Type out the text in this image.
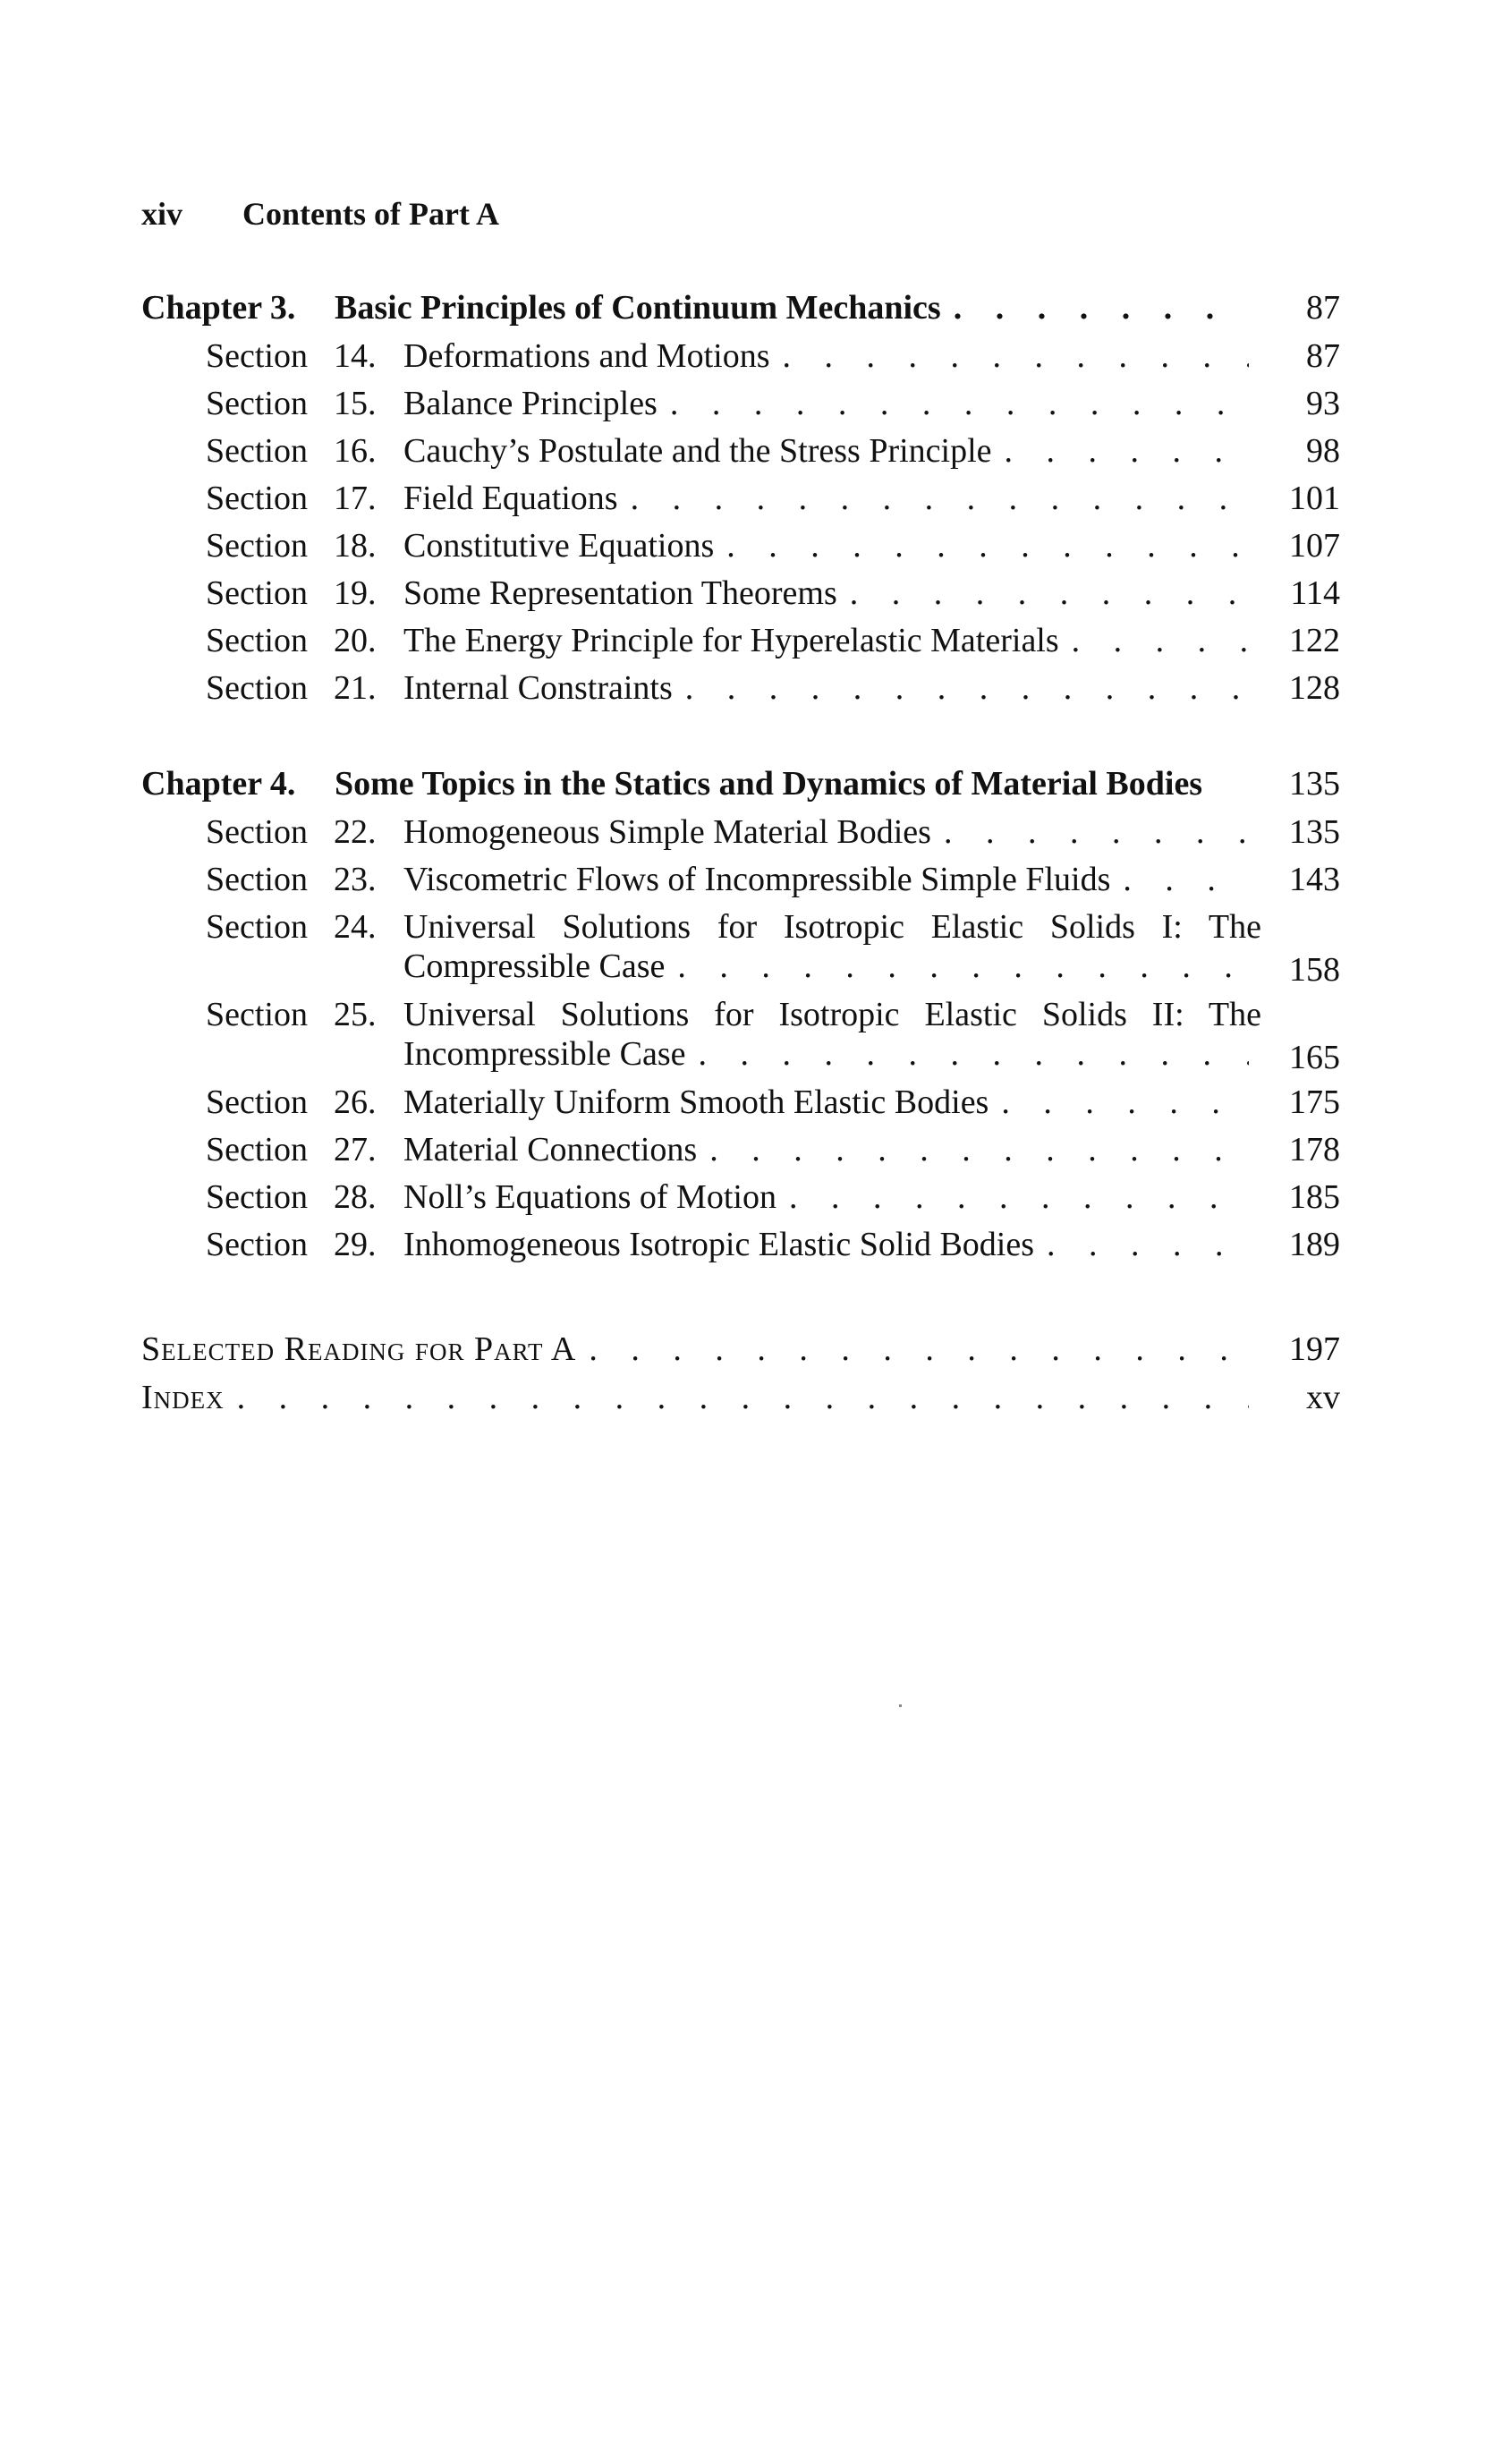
xiv Contents of Part A
Chapter 3.	Basic Principles of Continuum Mechanics . . .	87
Section 14. Deformations and Motions . . .	87
Section 15. Balance Principles . . .	93
Section 16. Cauchy’s Postulate and the Stress Principle . . .	98
Section 17. Field Equations . . .	101
Section 18. Constitutive Equations . . .	107
Section 19. Some Representation Theorems . . .	114
Section 20. The Energy Principle for Hyperelastic Materials . . .	122
Section 21. Internal Constraints . . .	128
Chapter 4.	Some Topics in the Statics and Dynamics of Material Bodies	135
Section 22. Homogeneous Simple Material Bodies . . .	135
Section 23. Viscometric Flows of Incompressible Simple Fluids . . .	143
Section 24. Universal Solutions for Isotropic Elastic Solids I: The
Compressible Case . . .	158
Section 25. Universal Solutions for Isotropic Elastic Solids II: The
Incompressible Case . . .	165
Section 26. Materially Uniform Smooth Elastic Bodies . . .	175
Section 27. Material Connections . . .	178
Section 28. Noll’s Equations of Motion . . .	185
Section 29. Inhomogeneous Isotropic Elastic Solid Bodies . . .	189
Selected Reading for Part A . . .	197
Index . . .	xv
